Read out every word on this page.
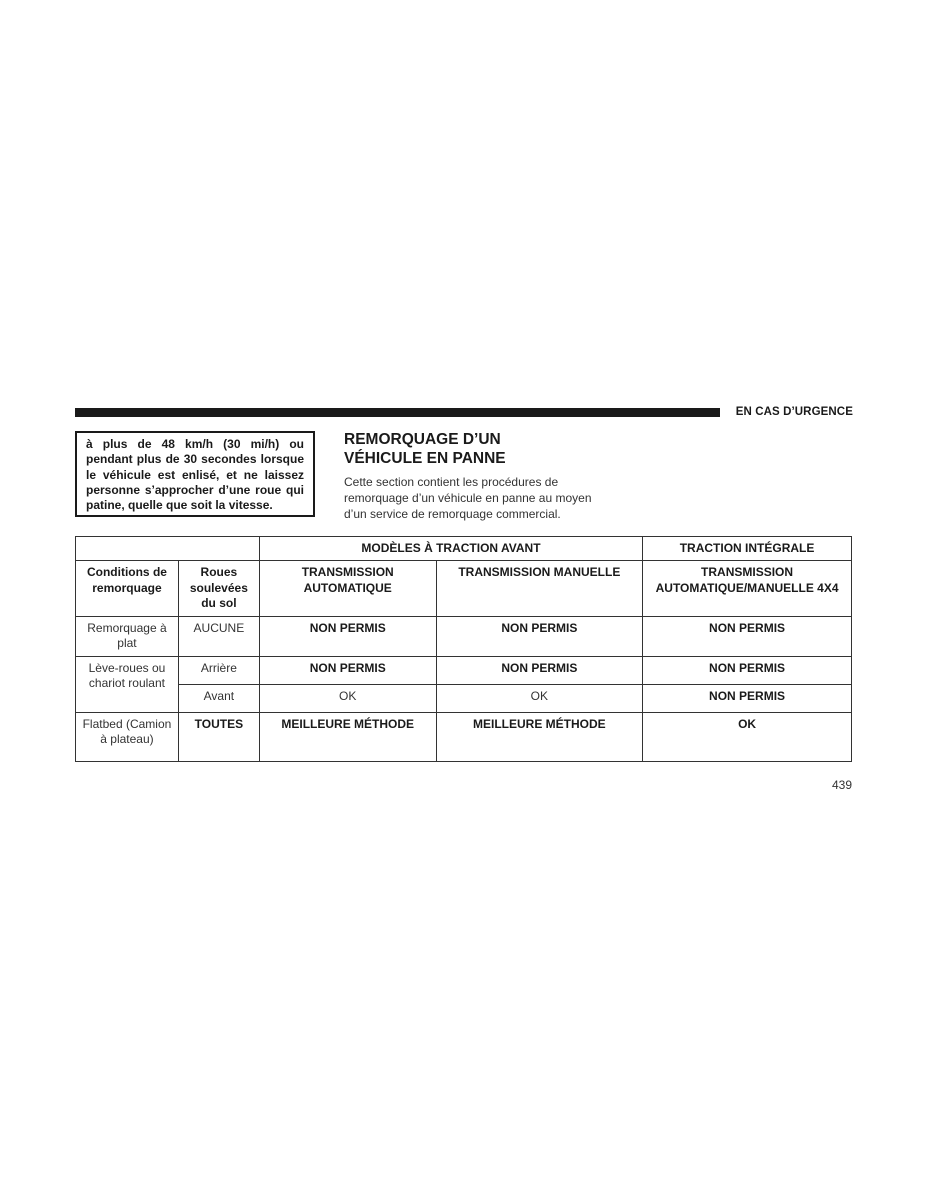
EN CAS D’URGENCE
à plus de 48 km/h (30 mi/h) ou pendant plus de 30 secondes lorsque le véhicule est enlisé, et ne laissez personne s’approcher d’une roue qui patine, quelle que soit la vitesse.
REMORQUAGE D’UN
VÉHICULE EN PANNE

Cette section contient les procédures de remorquage d’un véhicule en panne au moyen d’un service de remorquage commercial.

		MODÈLES À TRACTION AVANT		TRACTION INTÉGRALE
Conditions de remorquage	Roues soulevées du sol	TRANSMISSION AUTOMATIQUE	TRANSMISSION MANUELLE	TRANSMISSION AUTOMATIQUE/MANUELLE 4X4
Remorquage à plat	AUCUNE	NON PERMIS	NON PERMIS	NON PERMIS
Lève-roues ou chariot roulant	Arrière	NON PERMIS	NON PERMIS	NON PERMIS
	Avant	OK	OK	NON PERMIS
Flatbed (Camion à plateau)	TOUTES	MEILLEURE MÉTHODE	MEILLEURE MÉTHODE	OK
439
